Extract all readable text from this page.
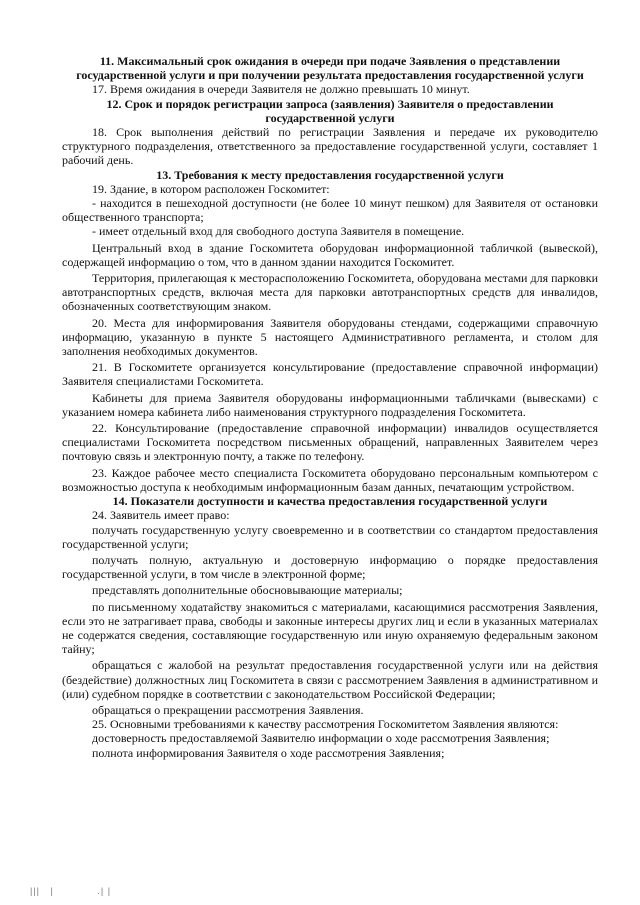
11. Максимальный срок ожидания в очереди при подаче Заявления о представлении государственной услуги и при получении результата предоставления государственной услуги
17. Время ожидания в очереди Заявителя не должно превышать 10 минут.
12. Срок и порядок регистрации запроса (заявления) Заявителя о предоставлении государственной услуги
18. Срок выполнения действий по регистрации Заявления и передаче их руководителю структурного подразделения, ответственного за предоставление государственной услуги, составляет 1 рабочий день.
13. Требования к месту предоставления государственной услуги
19. Здание, в котором расположен Госкомитет:
- находится в пешеходной доступности (не более 10 минут пешком) для Заявителя от остановки общественного транспорта;
- имеет отдельный вход для свободного доступа Заявителя в помещение.
Центральный вход в здание Госкомитета оборудован информационной табличкой (вывеской), содержащей информацию о том, что в данном здании находится Госкомитет.
Территория, прилегающая к месторасположению Госкомитета, оборудована местами для парковки автотранспортных средств, включая места для парковки автотранспортных средств для инвалидов, обозначенных соответствующим знаком.
20. Места для информирования Заявителя оборудованы стендами, содержащими справочную информацию, указанную в пункте 5 настоящего Административного регламента, и столом для заполнения необходимых документов.
21. В Госкомитете организуется консультирование (предоставление справочной информации) Заявителя специалистами Госкомитета.
Кабинеты для приема Заявителя оборудованы информационными табличками (вывесками) с указанием номера кабинета либо наименования структурного подразделения Госкомитета.
22. Консультирование (предоставление справочной информации) инвалидов осуществляется специалистами Госкомитета посредством письменных обращений, направленных Заявителем через почтовую связь и электронную почту, а также по телефону.
23. Каждое рабочее место специалиста Госкомитета оборудовано персональным компьютером с возможностью доступа к необходимым информационным базам данных, печатающим устройством.
14. Показатели доступности и качества предоставления государственной услуги
24. Заявитель имеет право:
получать государственную услугу своевременно и в соответствии со стандартом предоставления государственной услуги;
получать полную, актуальную и достоверную информацию о порядке предоставления государственной услуги, в том числе в электронной форме;
представлять дополнительные обосновывающие материалы;
по письменному ходатайству знакомиться с материалами, касающимися рассмотрения Заявления, если это не затрагивает права, свободы и законные интересы других лиц и если в указанных материалах не содержатся сведения, составляющие государственную или иную охраняемую федеральным законом тайну;
обращаться с жалобой на результат предоставления государственной услуги или на действия (бездействие) должностных лиц Госкомитета в связи с рассмотрением Заявления в административном и (или) судебном порядке в соответствии с законодательством Российской Федерации;
обращаться о прекращении рассмотрения Заявления.
25. Основными требованиями к качеству рассмотрения Госкомитетом Заявления являются:
достоверность предоставляемой Заявителю информации о ходе рассмотрения Заявления;
полнота информирования Заявителя о ходе рассмотрения Заявления;
|||   |	.| |
